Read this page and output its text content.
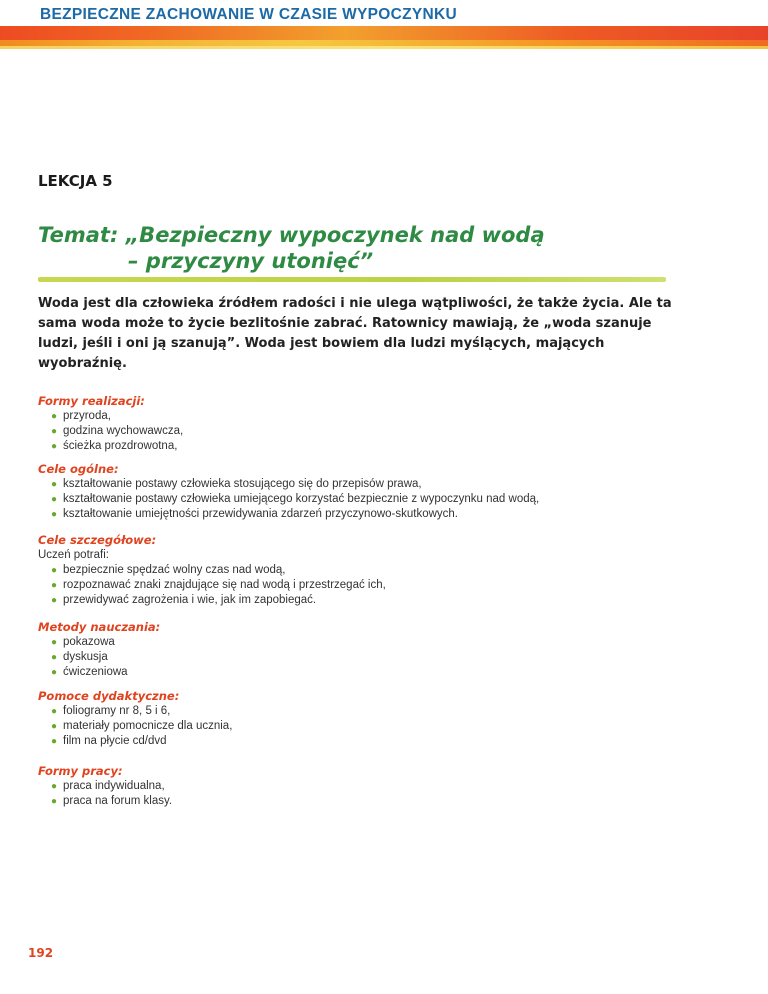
BEZPIECZNE ZACHOWANIE W CZASIE WYPOCZYNKU
LEKCJA 5
Temat: „Bezpieczny wypoczynek nad wodą
– przyczyny utonięć”
Woda jest dla człowieka źródłem radości i nie ulega wątpliwości, że także życia. Ale ta sama woda może to życie bezlitośnie zabrać. Ratownicy mawiają, że „woda szanuje ludzi, jeśli i oni ją szanują”. Woda jest bowiem dla ludzi myślących, mających wyobraźnię.
Formy realizacji:
● przyroda,
● godzina wychowawcza,
● ścieżka prozdrowotna,
Cele ogólne:
● kształtowanie postawy człowieka stosującego się do przepisów prawa,
● kształtowanie postawy człowieka umiejącego korzystać bezpiecznie z wypoczynku nad wodą,
● kształtowanie umiejętności przewidywania zdarzeń przyczynowo-skutkowych.
Cele szczegółowe:
Uczeń potrafi:
● bezpiecznie spędzać wolny czas nad wodą,
● rozpoznawać znaki znajdujące się nad wodą i przestrzegać ich,
● przewidywać zagrożenia i wie, jak im zapobiegać.
Metody nauczania:
● pokazowa
● dyskusja
● ćwiczeniowa
Pomoce dydaktyczne:
● foliogramy nr 8, 5 i 6,
● materiały pomocnicze dla ucznia,
● film na płycie cd/dvd
Formy pracy:
● praca indywidualna,
● praca na forum klasy.
192
